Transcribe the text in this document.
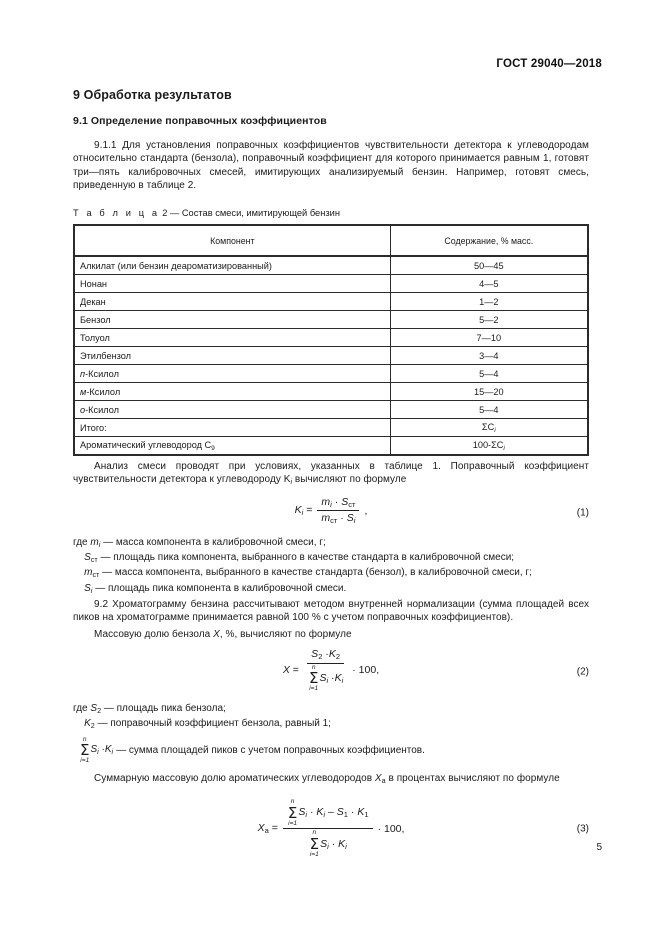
ГОСТ 29040—2018
9 Обработка результатов
9.1 Определение поправочных коэффициентов

9.1.1 Для установления поправочных коэффициентов чувствительности детектора к углеводородам относительно стандарта (бензола), поправочный коэффициент для которого принимается равным 1, готовят три—пять калибровочных смесей, имитирующих анализируемый бензин. Например, готовят смесь, приведенную в таблице 2.

Т а б л и ц а 2 — Состав смеси, имитирующей бензин
Компонент	Содержание, % масс.
Алкилат (или бензин деароматизированный)	50—45
Нонан	4—5
Декан	1—2
Бензол	5—2
Толуол	7—10
Этилбензол	3—4
п-Ксилол	5—4
м-Ксилол	15—20
о-Ксилол	5—4
Итого:	$\Sigma C_i$
Ароматический углеводород $С_9$	$100-\Sigma C_i$

Анализ смеси проводят при условиях, указанных в таблице 1. Поправочный коэффициент чувствительности детектора к углеводороду $K_i$ вычисляют по формуле

$K_i = \frac{m_i \cdot S_{ст}}{m_{ст} \cdot S_i}$ ,	(1)
где $m_i$ — масса компонента в калибровочной смеси, г;
$S_{ст}$ — площадь пика компонента, выбранного в качестве стандарта в калибровочной смеси;
$m_{ст}$ — масса компонента, выбранного в качестве стандарта (бензол), в калибровочной смеси, г;
$S_i$ — площадь пика компонента в калибровочной смеси.

9.2 Хроматограмму бензина рассчитывают методом внутренней нормализации (сумма площадей всех пиков на хроматограмме принимается равной 100 % с учетом поправочных коэффициентов).

Массовую долю бензола X, %, вычисляют по формуле

X =
$S_2 \cdot K_2$
n
Σ
i=1
$S_i \cdot K_i$
· 100,	(2)
где $S_2$ — площадь пика бензола;
$K_2$ — поправочный коэффициент бензола, равный 1;
n
Σ
i=1
$S_i \cdot K_i$ — сумма площадей пиков с учетом поправочных коэффициентов.

Суммарную массовую долю ароматических углеводородов $X_а$ в процентах вычисляют по формуле

$X_а$ =
n
Σ
i=1
$S_i \cdot K_i - S_1 \cdot K_1$
n
Σ
i=1
$S_i \cdot K_i$
· 100,	(3)
5
